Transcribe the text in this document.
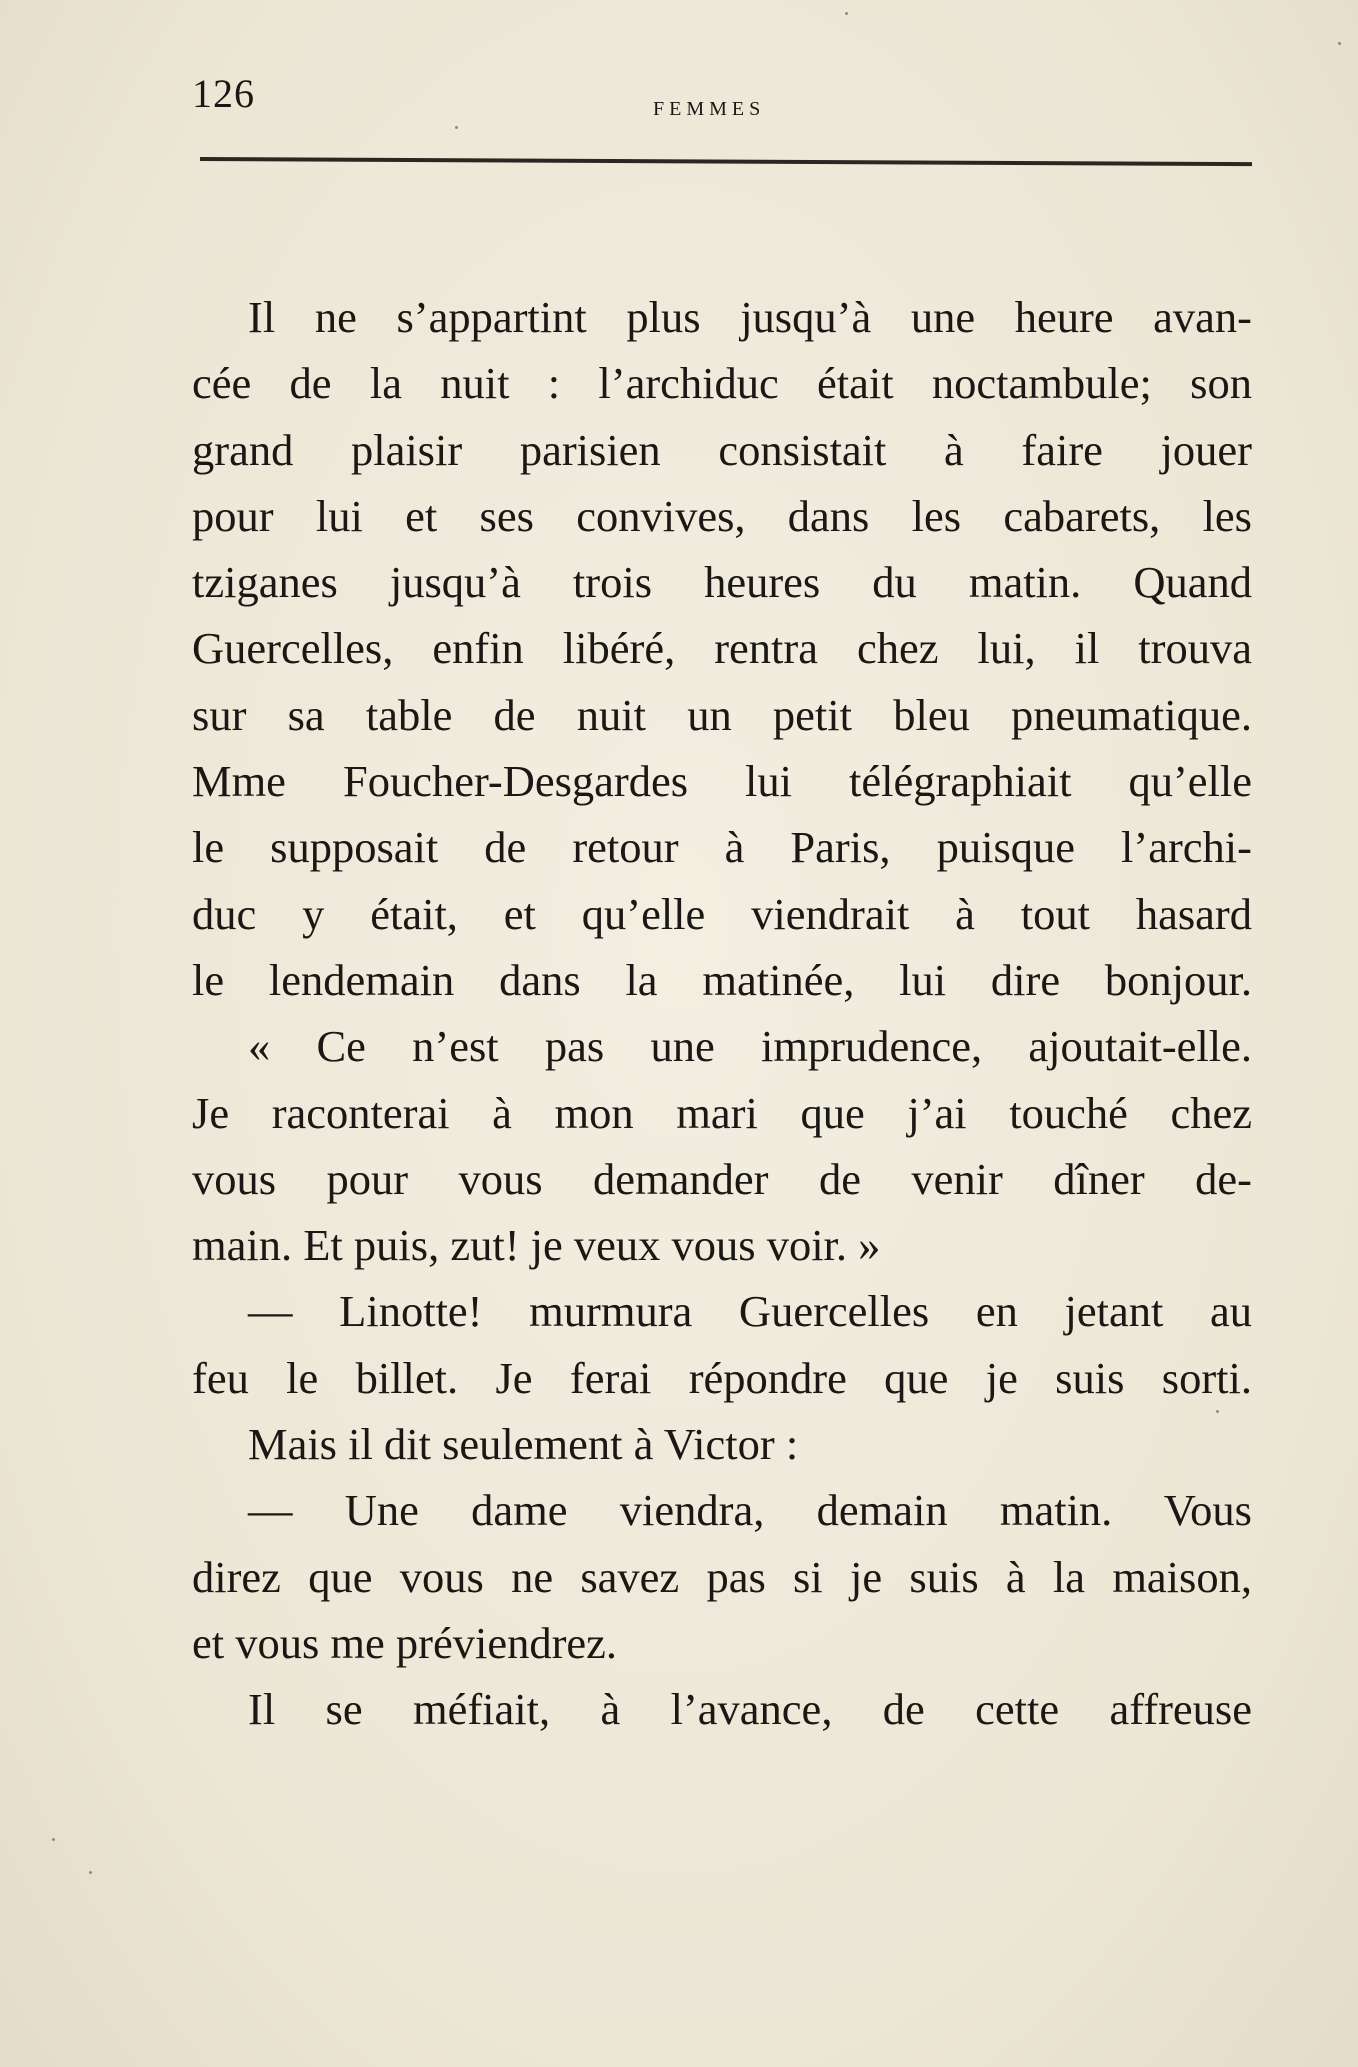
126	FEMMES
Il ne s’appartint plus jusqu’à une heure avan-
cée de la nuit : l’archiduc était noctambule; son
grand plaisir parisien consistait à faire jouer
pour lui et ses convives, dans les cabarets, les
tziganes jusqu’à trois heures du matin. Quand
Guercelles, enfin libéré, rentra chez lui, il trouva
sur sa table de nuit un petit bleu pneumatique.
Mme Foucher-Desgardes lui télégraphiait qu’elle
le supposait de retour à Paris, puisque l’archi-
duc y était, et qu’elle viendrait à tout hasard
le lendemain dans la matinée, lui dire bonjour.
« Ce n’est pas une imprudence, ajoutait-elle.
Je raconterai à mon mari que j’ai touché chez
vous pour vous demander de venir dîner de-
main. Et puis, zut! je veux vous voir. »
— Linotte! murmura Guercelles en jetant au
feu le billet. Je ferai répondre que je suis sorti.
Mais il dit seulement à Victor :
— Une dame viendra, demain matin. Vous
direz que vous ne savez pas si je suis à la maison,
et vous me préviendrez.
Il se méfiait, à l’avance, de cette affreuse
